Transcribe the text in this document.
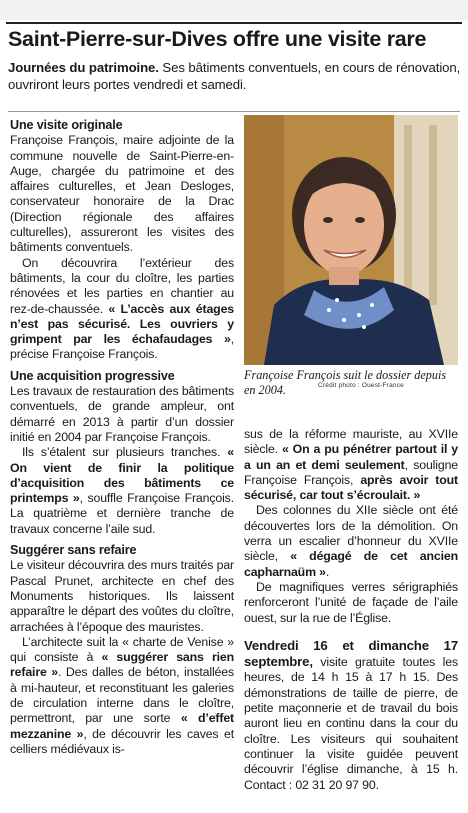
Saint-Pierre-sur-Dives offre une visite rare
Journées du patrimoine. Ses bâtiments conventuels, en cours de rénovation, ouvriront leurs portes vendredi et samedi.
Une visite originale

Françoise François, maire adjointe de la commune nouvelle de Saint-Pierre-en-Auge, chargée du patrimoine et des affaires culturelles, et Jean Desloges, conservateur honoraire de la Drac (Direction régionale des affaires culturelles), assureront les visites des bâtiments conventuels.

On découvrira l’extérieur des bâtiments, la cour du cloître, les parties rénovées et les parties en chantier au rez-de-chaussée. « L’accès aux étages n’est pas sécurisé. Les ouvriers y grimpent par les échafaudages », précise Françoise François.

Une acquisition progressive

Les travaux de restauration des bâtiments conventuels, de grande ampleur, ont démarré en 2013 à partir d’un dossier initié en 2004 par Françoise François.

Ils s’étalent sur plusieurs tranches. « On vient de finir la politique d’acquisition des bâtiments ce printemps », souffle Françoise François. La quatrième et dernière tranche de travaux concerne l’aile sud.

Suggérer sans refaire

Le visiteur découvrira des murs traités par Pascal Prunet, architecte en chef des Monuments historiques. Ils laissent apparaître le départ des voûtes du cloître, arrachées à l’époque des mauristes.

L’architecte suit la « charte de Venise » qui consiste à « suggérer sans rien refaire ». Des dalles de béton, installées à mi-hauteur, et reconstituant les galeries de circulation interne dans le cloître, permettront, par une sorte « d’effet mezzanine », de découvrir les caves et celliers médiévaux is-

Françoise François suit le dossier depuis en 2004.	Crédit photo : Ouest-France

sus de la réforme mauriste, au XVIIe siècle. « On a pu pénétrer partout il y a un an et demi seulement, souligne Françoise François, après avoir tout sécurisé, car tout s’écroulait. »

Des colonnes du XIIe siècle ont été découvertes lors de la démolition. On verra un escalier d’honneur du XVIIe siècle, « dégagé de cet ancien capharnaüm ».

De magnifiques verres sérigraphiés renforceront l’unité de façade de l’aile ouest, sur la rue de l’Église.

Vendredi 16 et dimanche 17 septembre, visite gratuite toutes les heures, de 14 h 15 à 17 h 15. Des démonstrations de taille de pierre, de petite maçonnerie et de travail du bois auront lieu en continu dans la cour du cloître. Les visiteurs qui souhaitent continuer la visite guidée peuvent découvrir l’église dimanche, à 15 h. Contact : 02 31 20 97 90.
